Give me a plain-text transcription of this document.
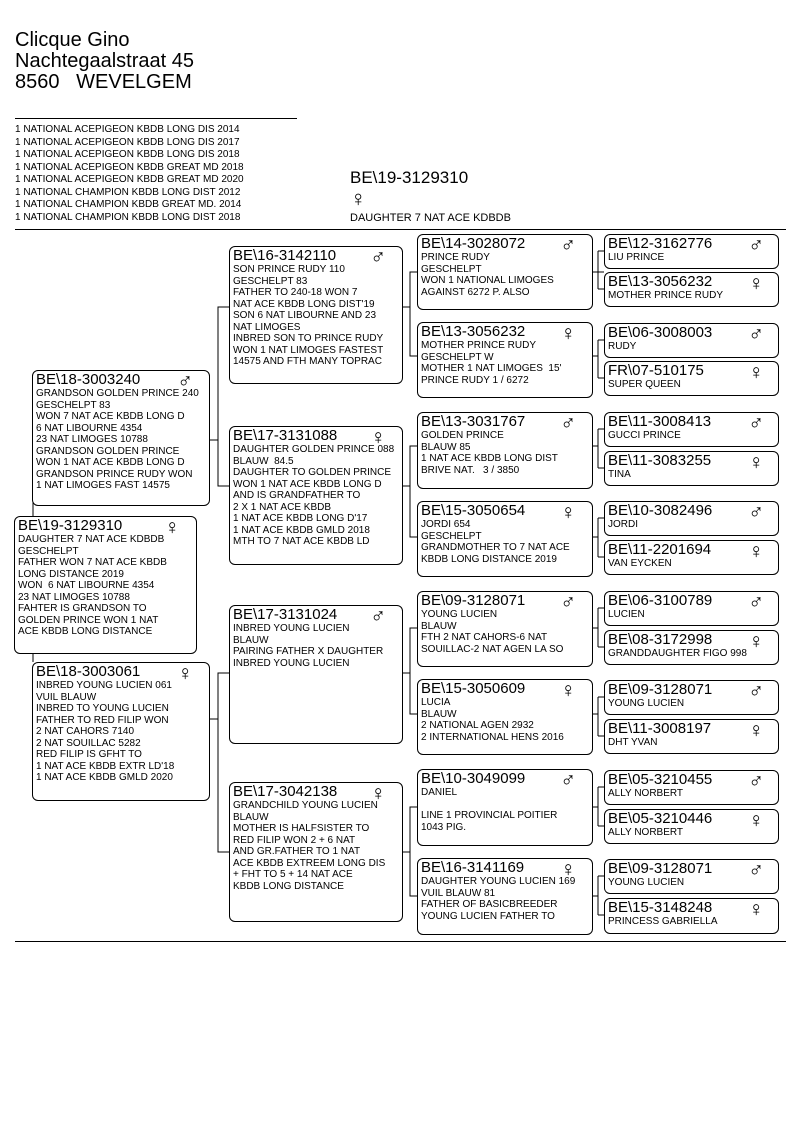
Clicque Gino
Nachtegaalstraat 45
8560   WEVELGEM
1 NATIONAL ACEPIGEON KBDB LONG DIS 2014
1 NATIONAL ACEPIGEON KBDB LONG DIS 2017
1 NATIONAL ACEPIGEON KBDB LONG DIS 2018
1 NATIONAL ACEPIGEON KBDB GREAT MD 2018
1 NATIONAL ACEPIGEON KBDB GREAT MD 2020
1 NATIONAL CHAMPION KBDB LONG DIST 2012
1 NATIONAL CHAMPION KBDB GREAT MD. 2014
1 NATIONAL CHAMPION KBDB LONG DIST 2018
BE\19-3129310
♀
DAUGHTER 7 NAT ACE KDBDB
BE\19-3129310	♀
DAUGHTER 7 NAT ACE KDBDB
GESCHELPT
FATHER WON 7 NAT ACE KBDB
LONG DISTANCE 2019
WON  6 NAT LIBOURNE 4354
23 NAT LIMOGES 10788
FAHTER IS GRANDSON TO
GOLDEN PRINCE WON 1 NAT
ACE KBDB LONG DISTANCE
BE\18-3003240	♂
GRANDSON GOLDEN PRINCE 240
GESCHELPT 83
WON 7 NAT ACE KBDB LONG D
6 NAT LIBOURNE 4354
23 NAT LIMOGES 10788
GRANDSON GOLDEN PRINCE
WON 1 NAT ACE KBDB LONG D
GRANDSON PRINCE RUDY WON
1 NAT LIMOGES FAST 14575
BE\18-3003061	♀
INBRED YOUNG LUCIEN 061
VUIL BLAUW
INBRED TO YOUNG LUCIEN
FATHER TO RED FILIP WON
2 NAT CAHORS 7140
2 NAT SOUILLAC 5282
RED FILIP IS GFHT TO
1 NAT ACE KBDB EXTR LD'18
1 NAT ACE KBDB GMLD 2020
BE\16-3142110	♂
SON PRINCE RUDY 110
GESCHELPT 83
FATHER TO 240-18 WON 7
NAT ACE KBDB LONG DIST'19
SON 6 NAT LIBOURNE AND 23
NAT LIMOGES
INBRED SON TO PRINCE RUDY
WON 1 NAT LIMOGES FASTEST
14575 AND FTH MANY TOPRAC
BE\17-3131088	♀
DAUGHTER GOLDEN PRINCE 088
BLAUW  84.5
DAUGHTER TO GOLDEN PRINCE
WON 1 NAT ACE KBDB LONG D
AND IS GRANDFATHER TO
2 X 1 NAT ACE KBDB
1 NAT ACE KBDB LONG D'17
1 NAT ACE KBDB GMLD 2018
MTH TO 7 NAT ACE KBDB LD
BE\17-3131024	♂
INBRED YOUNG LUCIEN
BLAUW
PAIRING FATHER X DAUGHTER
INBRED YOUNG LUCIEN
BE\17-3042138	♀
GRANDCHILD YOUNG LUCIEN
BLAUW
MOTHER IS HALFSISTER TO
RED FILIP WON 2 + 6 NAT
AND GR.FATHER TO 1 NAT
ACE KBDB EXTREEM LONG DIS
+ FHT TO 5 + 14 NAT ACE
KBDB LONG DISTANCE
BE\14-3028072	♂
PRINCE RUDY
GESCHELPT
WON 1 NATIONAL LIMOGES
AGAINST 6272 P. ALSO
BE\13-3056232	♀
MOTHER PRINCE RUDY
GESCHELPT W
MOTHER 1 NAT LIMOGES  15'
PRINCE RUDY 1 / 6272
BE\13-3031767	♂
GOLDEN PRINCE
BLAUW 85
1 NAT ACE KBDB LONG DIST
BRIVE NAT.   3 / 3850
BE\15-3050654	♀
JORDI 654
GESCHELPT
GRANDMOTHER TO 7 NAT ACE
KBDB LONG DISTANCE 2019
BE\09-3128071	♂
YOUNG LUCIEN
BLAUW
FTH 2 NAT CAHORS-6 NAT
SOUILLAC-2 NAT AGEN LA SO
BE\15-3050609	♀
LUCIA
BLAUW
2 NATIONAL AGEN 2932
2 INTERNATIONAL HENS 2016
BE\10-3049099	♂
DANIEL

LINE 1 PROVINCIAL POITIER
1043 PIG.
BE\16-3141169	♀
DAUGHTER YOUNG LUCIEN 169
VUIL BLAUW 81
FATHER OF BASICBREEDER
YOUNG LUCIEN FATHER TO
BE\12-3162776	♂
LIU PRINCE
BE\13-3056232	♀
MOTHER PRINCE RUDY
BE\06-3008003	♂
RUDY
FR\07-510175	♀
SUPER QUEEN
BE\11-3008413	♂
GUCCI PRINCE
BE\11-3083255	♀
TINA
BE\10-3082496	♂
JORDI
BE\11-2201694	♀
VAN EYCKEN
BE\06-3100789	♂
LUCIEN
BE\08-3172998	♀
GRANDDAUGHTER FIGO 998
BE\09-3128071	♂
YOUNG LUCIEN
BE\11-3008197	♀
DHT YVAN
BE\05-3210455	♂
ALLY NORBERT
BE\05-3210446	♀
ALLY NORBERT
BE\09-3128071	♂
YOUNG LUCIEN
BE\15-3148248	♀
PRINCESS GABRIELLA
